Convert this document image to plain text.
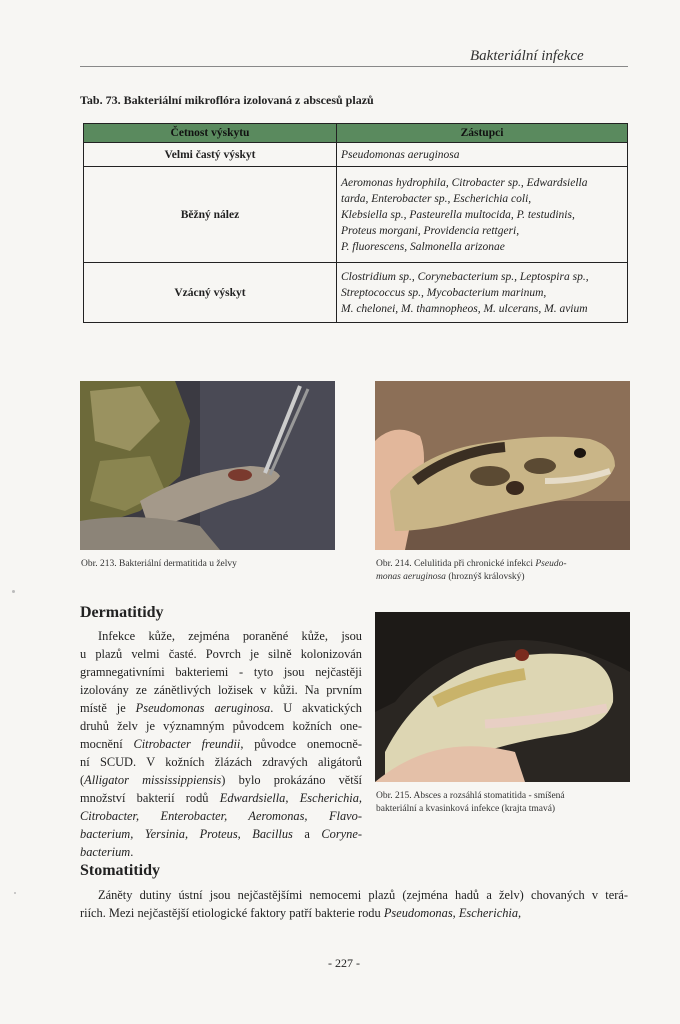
Bakteriální infekce
Tab. 73. Bakteriální mikroflóra izolovaná z abscesů plazů
Četnost výskytu	Zástupci
Velmi častý výskyt	Pseudomonas aeruginosa

Běžný nález	Aeromonas hydrophila, Citrobacter sp., Edwardsiella
tarda, Enterobacter sp., Escherichia coli,
Klebsiella sp., Pasteurella multocida, P. testudinis,
Proteus morgani, Providencia rettgeri,
P. fluorescens, Salmonella arizonae

Vzácný výskyt	Clostridium sp., Corynebacterium sp., Leptospira sp.,
Streptococcus sp., Mycobacterium marinum,
M. chelonei, M. thamnopheos, M. ulcerans, M. avium
Obr. 213. Bakteriální dermatitida u želvy	Obr. 214. Celulitida při chronické infekci Pseudo-
monas aeruginosa (hroznýš královský)
Obr. 215. Absces a rozsáhlá stomatitida - smíšená
bakteriální a kvasinková infekce (krajta tmavá)
Dermatitidy
Infekce kůže, zejména poraněné kůže, jsou
u plazů velmi časté. Povrch je silně kolonizován
gramnegativními bakteriemi - tyto jsou nejčastěji
izolovány ze zánětlivých ložisek v kůži. Na prvním
místě je Pseudomonas aeruginosa. U akvatických
druhů želv je významným původcem kožních one-
mocnění Citrobacter freundii, původce onemocně-
ní SCUD. V kožních žlázách zdravých aligátorů
(Alligator mississippiensis) bylo prokázáno větší
množství bakterií rodů Edwardsiella, Escherichia,
Citrobacter, Enterobacter, Aeromonas, Flavo-
bacterium, Yersinia, Proteus, Bacillus a Coryne-
bacterium.
Stomatitidy
Záněty dutiny ústní jsou nejčastějšími nemocemi plazů (zejména hadů a želv) chovaných v terá-
riích. Mezi nejčastější etiologické faktory patří bakterie rodu Pseudomonas, Escherichia,
- 227 -
